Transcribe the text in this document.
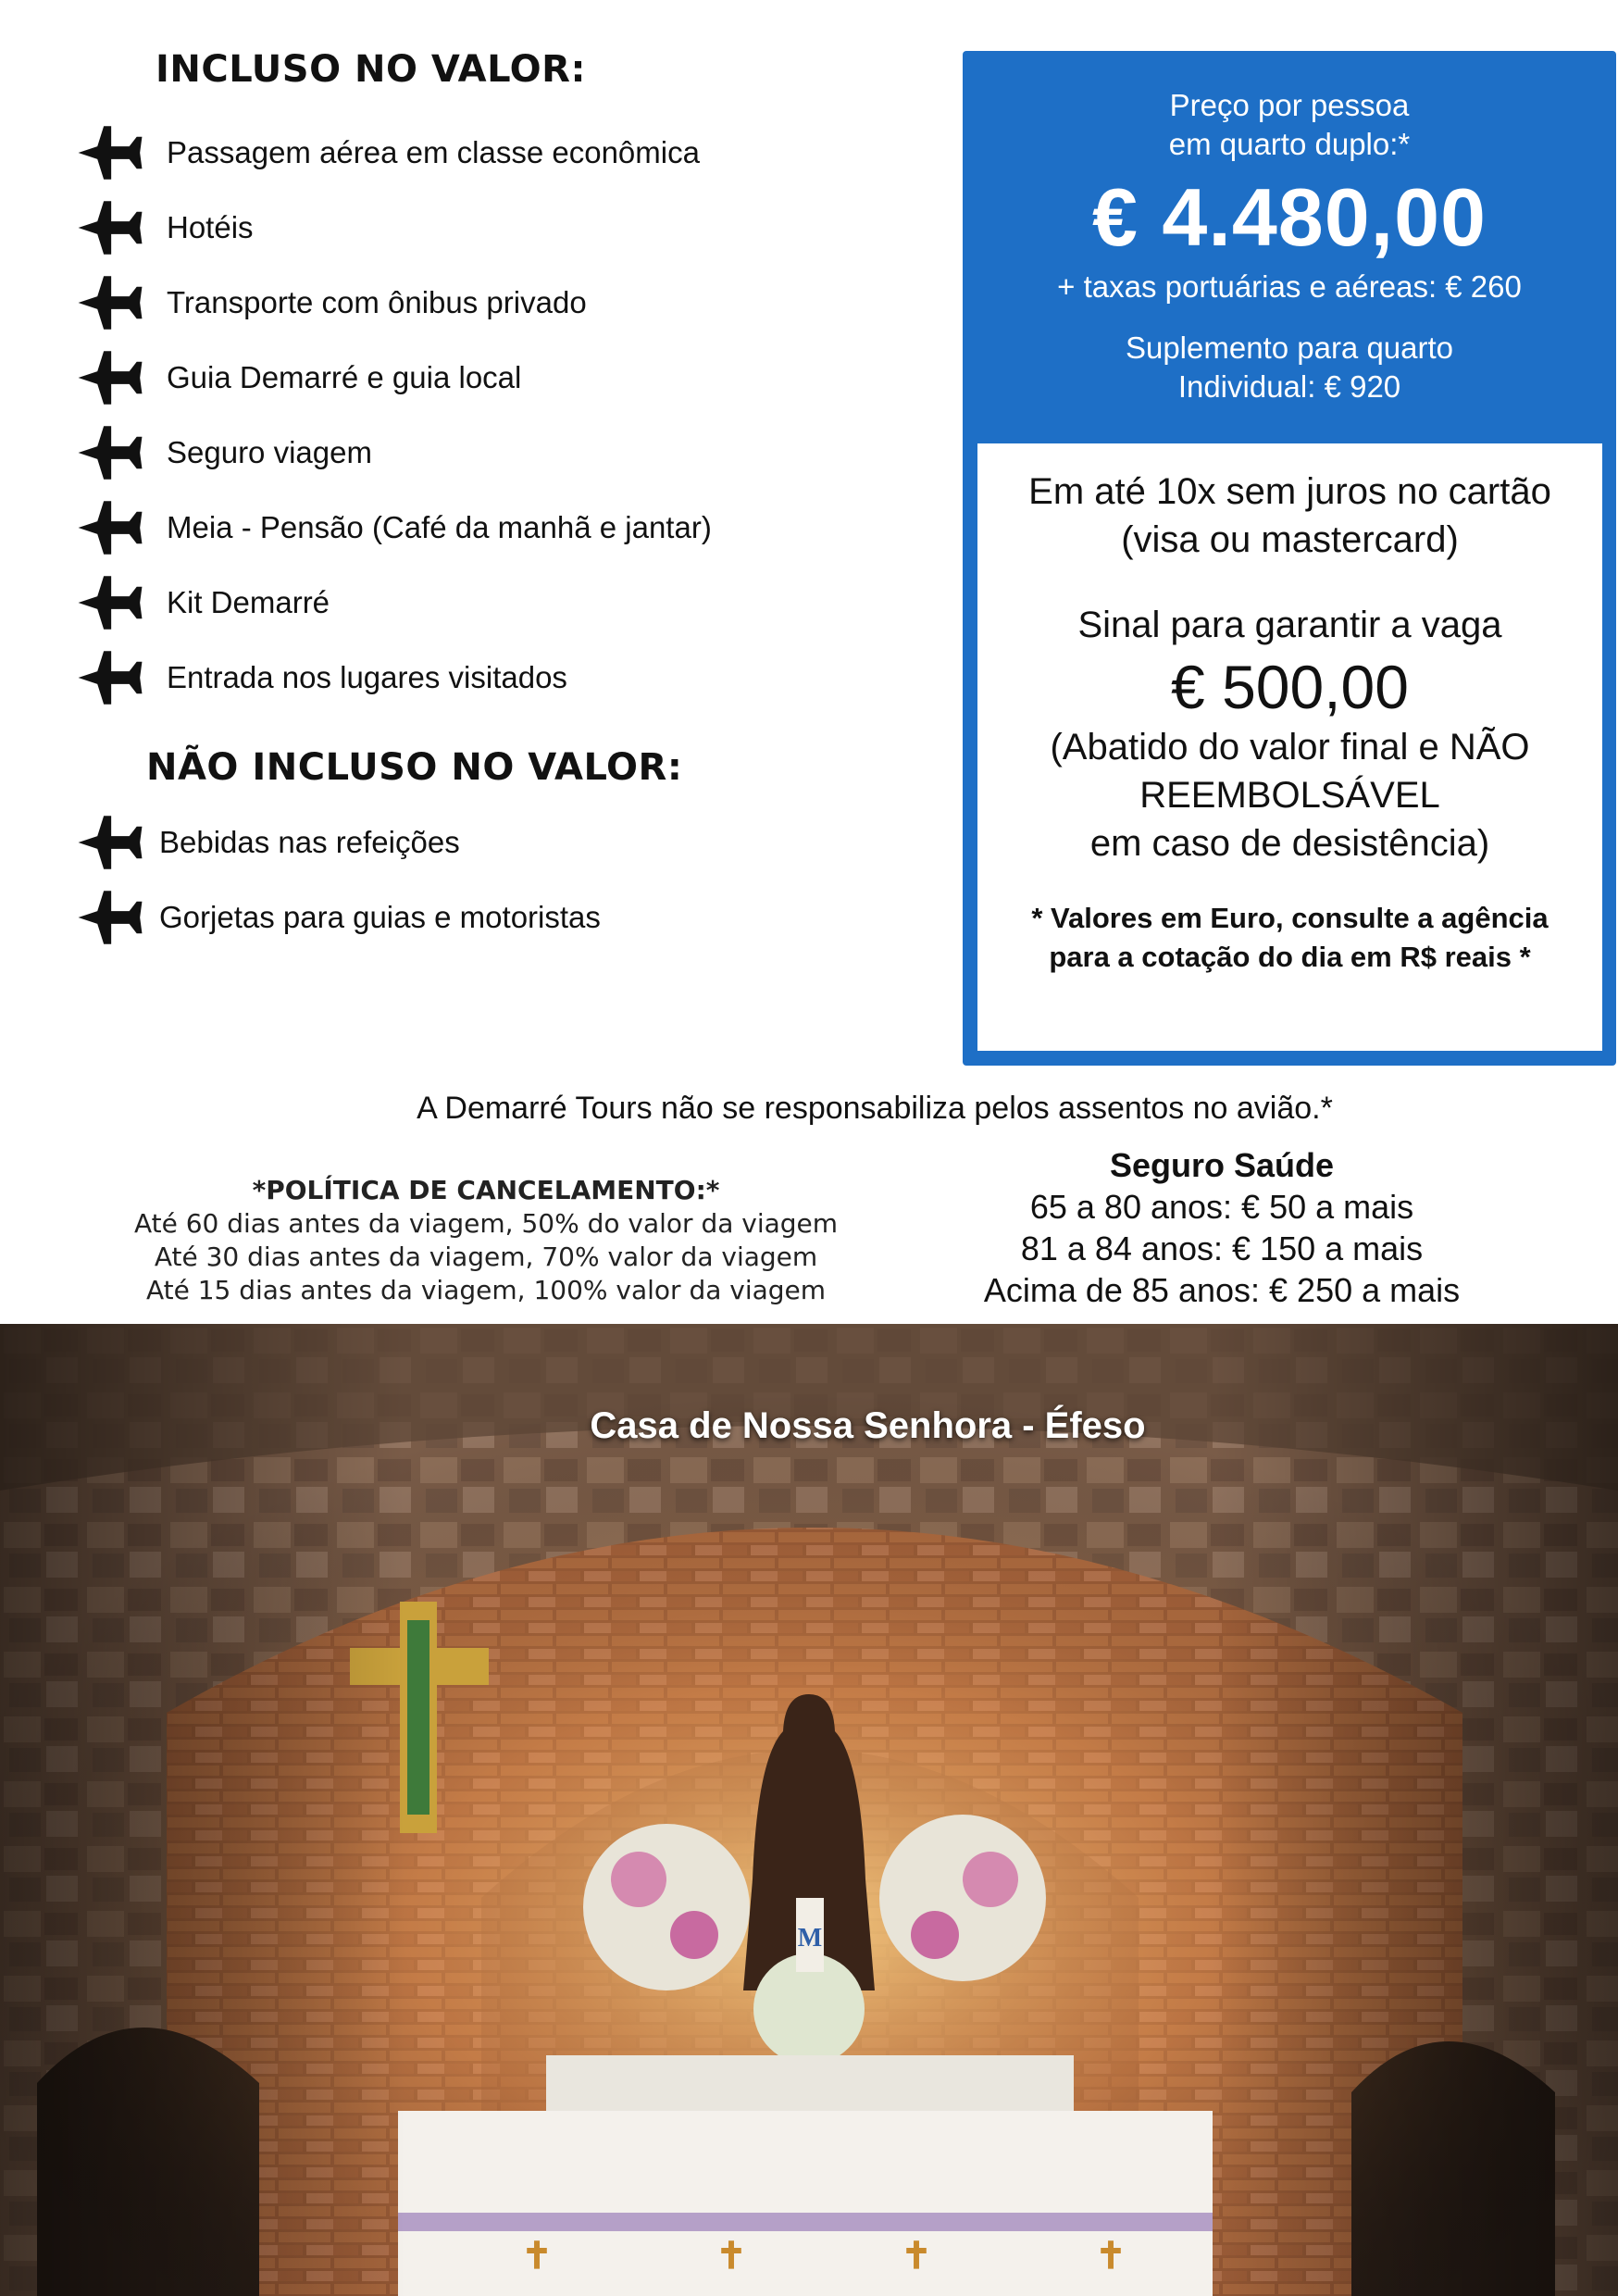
INCLUSO NO VALOR:
Passagem aérea em classe econômica
Hotéis
Transporte com ônibus privado
Guia Demarré e guia local
Seguro viagem
Meia - Pensão (Café da manhã e jantar)
Kit Demarré
Entrada nos lugares visitados
NÃO INCLUSO NO VALOR:
Bebidas nas refeições
Gorjetas para guias e motoristas
Preço por pessoa
em quarto duplo:*
€ 4.480,00
+ taxas portuárias e aéreas: € 260
Suplemento para quarto
Individual: € 920
Em até 10x sem juros no cartão
(visa ou mastercard)
Sinal para garantir a vaga
€ 500,00
(Abatido do valor final e NÃO
REEMBOLSÁVEL
em caso de desistência)
* Valores em Euro, consulte a agência
para a cotação do dia em R$ reais *
A Demarré Tours não se responsabiliza pelos assentos no avião.*
*POLÍTICA DE CANCELAMENTO:*
Até 60 dias antes da viagem, 50% do valor da viagem
Até 30 dias antes da viagem, 70% valor da viagem
Até 15 dias antes da viagem, 100% valor da viagem
Seguro Saúde
65 a 80 anos: € 50 a mais
81 a 84 anos: € 150 a mais
Acima de 85 anos: € 250 a mais
Casa de Nossa Senhora - Éfeso
